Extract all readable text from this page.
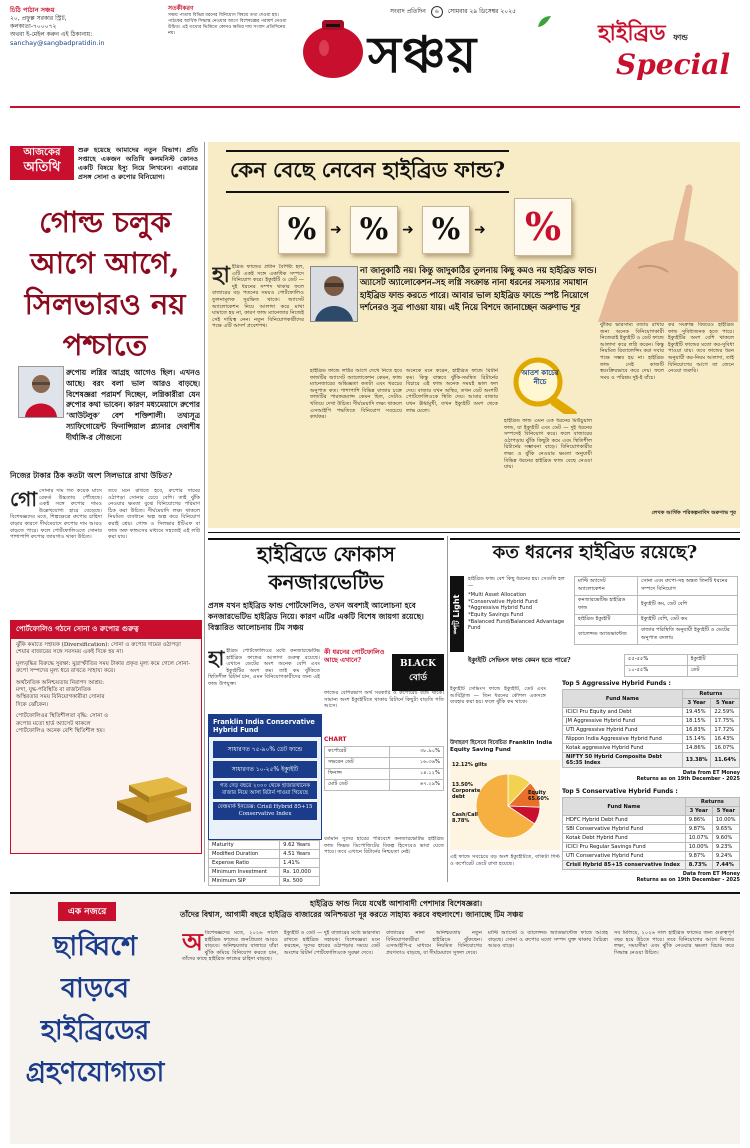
চিঠি পাঠান সঞ্চয়
২০, প্রফুল্ল সরকার স্ট্রিট,
কলকাতা-৭০০০৭২
অথবা ই-মেইল করুন এই ঠিকানায়:
sanchay@sangbadpratidin.in
সতর্কীকরণ
সঞ্চয় পাতায় বিভিন্ন ধরনের বিনিয়োগ বিষয়ে তথ্য দেওয়া হয়। পাঠকের আর্থিক সিদ্ধান্ত নেওয়ার আগে বিশেষজ্ঞের পরামর্শ নেওয়া উচিত। এই তথ্যের ভিত্তিতে কোনও ক্ষতির দায় সংবাদ প্রতিদিনের নয়।	সঞ্চয়
সংবাদ প্রতিদিন ৬ সোমবার ২৯ ডিসেম্বর ২০২৫
হাইব্রিড ফান্ড
Special
আজকের
অতিথি
শুরু হয়েছে আমাদের নতুন বিভাগ। প্রতি সপ্তাহে একজন অতিথি কলমনিস্ট কোনও একটি বিষয়ে ইস্যু নিয়ে লিখবেন। এবারের প্রসঙ্গ সোনা ও রুপোর বিনিয়োগ।
গোল্ড চলুক আগে আগে, সিলভারও নয় পশ্চাতে
রুপোয় লগ্নির আগ্রহ আগেও ছিল। এখনও আছে। বরং বলা ভাল আরও বাড়ছে। বিশেষজ্ঞরা পরামর্শ দিচ্ছেন, লগ্নিকারীরা যেন রুপোর কথা ভাবেন। কারণ মধ্যমেয়াদে রুপোর ‘আউটলুক’ বেশ শক্তিশালী। তথ্যসূত্র স্যাফিগোয়েন্ট ফিনান্সিয়াল প্ল্যানার দেবাশীষ দীর্ঘাঙ্গি-র সৌজন্যে
নিজের টাকার ঠিক কতটা অংশ সিলভারে রাখা উচিত?
গো সোনার দাম গত কয়েক মাসে রেকর্ড উচ্চতায় পৌঁছেছে। একই সঙ্গে রুপোর দামও উল্লেখযোগ্য হারে বেড়েছে। বিশেষজ্ঞদের মতে, শিল্পক্ষেত্রে রুপোর চাহিদা বাড়ার কারণে দীর্ঘমেয়াদে রুপোর দাম আরও বাড়তে পারে। ফলে পোর্টফোলিওতে সোনার পাশাপাশি রুপোর জায়গাও থাকা উচিত।
তবে মনে রাখতে হবে, রুপোর দামের ওঠাপড়া সোনার চেয়ে বেশি। তাই ঝুঁকি নেওয়ার ক্ষমতা বুঝে বিনিয়োগের পরিমাণ ঠিক করা উচিত। দীর্ঘমেয়াদি লক্ষ্য থাকলে নিয়মিত ব্যবধানে অল্প অল্প করে বিনিয়োগ করাই শ্রেয়। গোল্ড ও সিলভার ইটিএফ বা ফান্ড অফ ফান্ডসের মাধ্যমে সহজেই এই লগ্নি করা যায়।
পোর্টফোলিও গঠনে সোনা ও রুপোর গুরুত্ব
ঝুঁকি কমাতে সহায়ক (Diversification): সোনা ও রুপোর দামের ওঠাপড়া শেয়ার বাজারের সঙ্গে সবসময় একই দিকে হয় না।
মূল্যবৃদ্ধির বিরুদ্ধে সুরক্ষা: মুদ্রাস্ফীতির সময় টাকার প্রকৃত মূল্য কমে গেলে সোনা-রুপো সম্পদের মূল্য ধরে রাখতে সাহায্য করে।
অর্থনৈতিক অনিশ্চয়তায় নিরাপদ আশ্রয়: মন্দা, যুদ্ধ-পরিস্থিতি বা রাজনৈতিক অস্থিরতার সময় বিনিয়োগকারীরা সোনার দিকে ঝোঁকেন।
পোর্টফোলিওর স্থিতিশীলতা বৃদ্ধি: সোনা ও রুপোর মতো হার্ড অ্যাসেট থাকলে পোর্টফোলিও অনেক বেশি স্থিতিশীল হয়।
কেন বেছে নেবেন হাইব্রিড ফান্ড?
% ➜ % ➜ % ➜ %
হা ইব্রিড ফান্ডের প্রধান বৈশিষ্ট্য হল, এটি একই সঙ্গে একাধিক সম্পদে বিনিয়োগ করে। ইক্যুইটি ও ডেট — দুই ধরনের সম্পদ থাকার ফলে বাজারের বড় পতনের সময়ও পোর্টফোলিও তুলনামূলক সুরক্ষিত থাকে। অ্যাসেট অ্যালোকেশন নিয়ে আলাদা করে মাথা ঘামাতে হয় না, কারণ ফান্ড ম্যানেজার নিজেই সেই দায়িত্ব নেন। নতুন বিনিয়োগকারীদের পক্ষে এটি আদর্শ প্রবেশপথ।
না জানুকাঠি নয়। কিন্তু জাদুকাঠির তুলনায় কিছু কমও নয় হাইব্রিড ফান্ড। অ্যাসেট অ্যালোকেশন-সহ লগ্নি সংক্রান্ত নানা ধরনের সমস্যার সমাধান হাইব্রিড ফান্ড করতে পারে। আবার ভাল হাইব্রিড ফান্ডে স্পষ্ট নিয়োগে দর্শনেরও সুত্র পাওয়া যায়। এই নিয়ে বিশদে জানাচ্ছেন অরুণাভ শূর
হাইব্রিড ফান্ডে লগ্নির আগে দেখে নিতে হবে ফান্ডটির অ্যাসেট অ্যালোকেশন কেমন, ফান্ড ম্যানেজারের অভিজ্ঞতা কতটা এবং খরচের অনুপাত কত। পাশাপাশি বিভিন্ন বাজার চক্রে ফান্ডটির পারফরম্যান্স কেমন ছিল, সেটাও খতিয়ে দেখা উচিত। দীর্ঘমেয়াদি লক্ষ্য থাকলে এসআইপি পদ্ধতিতে বিনিয়োগ সবচেয়ে কার্যকর।
অনেকে মনে করেন, হাইব্রিড ফান্ডে রিটার্ন কম। কিন্তু বাস্তবে ঝুঁকি-সমন্বিত রিটার্নের বিচারে এই ফান্ড অনেক সময়ই ভাল ফল দেয়। বাজার যখন অস্থির, তখন ডেট অংশটি পোর্টফোলিওকে স্থিতি দেয়। আবার বাজার যখন ঊর্ধ্বমুখী, তখন ইক্যুইটি অংশ থেকে লাভ মেলে।
আতশ কাচের নীচে
হাইব্রিড ফান্ড এমন এক ধরনের মিউচুয়াল ফান্ড, যা ইক্যুইটি এবং ডেট — দুই ধরনের সম্পদেই বিনিয়োগ করে। ফলে বাজারের ওঠাপড়ায় ঝুঁকি কিছুটা কমে এবং স্থিতিশীল রিটার্নের সম্ভাবনা বাড়ে। বিনিয়োগকারীর লক্ষ্য ও ঝুঁকি নেওয়ার ক্ষমতা অনুযায়ী বিভিন্ন ধরনের হাইব্রিড ফান্ড বেছে নেওয়া যায়।
ঝুঁকির ভারসাম্য বজায় রাখার জন্য অনেক বিনিয়োগকারী নিজেরাই ইক্যুইটি ও ডেট ফান্ডে আলাদা করে লগ্নি করেন। কিন্তু নিয়মিত রিব্যালেন্সিং করা সবার পক্ষে সম্ভব হয় না। হাইব্রিড ফান্ড সেই কাজটি স্বয়ংক্রিয়ভাবে করে দেয়। ফলে সময় ও পরিশ্রম দুই-ই বাঁচে।
কর সংক্রান্ত বিষয়েও হাইব্রিড ফান্ড সুবিধাজনক হতে পারে। ইক্যুইটির অংশ বেশি থাকলে ইক্যুইটি ফান্ডের মতো কর-সুবিধা পাওয়া যায়। তবে ফান্ডের ধরন অনুযায়ী কর-নিয়ম আলাদা, তাই বিনিয়োগের আগে তা জেনে নেওয়া জরুরি।
লেখক আর্থিক পরিকল্পনাবিদ অরুণাভ শূর
হাইব্রিডে ফোকাস কনজারভেটিভ
প্রসঙ্গ যখন হাইব্রিড ফান্ড পোর্টফোলিও, তখন অবশ্যই আলোচনা হবে কনজারভেটিভ হাইব্রিড নিয়ে। কারণ এটির একটি বিশেষ জায়গা রয়েছে। বিস্তারিত আলোচনায় টিম সঞ্চয়
হা ইব্রিড পোর্টফোলিওর মধ্যে কনজারভেটিভ হাইব্রিড ফান্ডের আলাদা গুরুত্ব রয়েছে। এখানে ডেটের অংশ অনেক বেশি এবং ইক্যুইটির অংশ কম। তাই কম ঝুঁকিতে স্থিতিশীল রিটার্ন চান, এমন বিনিয়োগকারীদের জন্য এই ফান্ড উপযুক্ত।
কী ধরনের পোর্টফোলিও আছে এখানে?	BLACK বোর্ড
ফান্ডের বেশিরভাগ অর্থ সরকারি ও কর্পোরেট বন্ডে থাকে। সামান্য অংশ ইক্যুইটিতে থাকায় রিটার্নে কিছুটা বাড়তি গতি আসে।
Franklin India Conservative Hybrid Fund
সাধারণত ৭৫-৯০% ডেট ফান্ডে
সাধারণত ১০-২৫% ইক্যুইটি
গত দেড় বছরে ২০০০ থেকে হাজারখানেক বাজার নিয়ে আসা রিটার্ন পাওয়া গিয়েছে
বেঞ্চমার্ক ইনডেক্স: Crisil Hybrid 85+15 Conservative Index
CHART
কর্পোরেট	৩৮.৯০%
সভরেন ডেট	১৬.৩৬%
ফিনান্স	১৪.১২%
মোট ডেট	৬৭.২৯%
Maturity	9.62 Years
Modified Duration	4.51 Years
Expense Ratio	1.41%
Minimum Investment	Rs. 10,000
Minimum SIP	Rs. 500
বর্তমান সুদের হারের পরিবেশে কনজারভেটিভ হাইব্রিড ফান্ড ফিক্সড ডিপোজিটের বিকল্প হিসেবেও ভাবা যেতে পারে। তবে এখানে রিটার্নের নিশ্চয়তা নেই।
কত ধরনের হাইব্রিড রয়েছে?
স্পট Light
হাইব্রিড ফান্ড বেশ কিছু ধরনের হয়। সেগুলি হল —
*Multi Asset Allocation
*Conservative Hybrid Fund
*Aggressive Hybrid Fund
*Equity Savings Fund
*Balanced Fund/Balanced Advantage Fund
মাল্টি অ্যাসেট অ্যালোকেশন	সোনা এবং রুপো-সহ অন্তত তিনটি ধরনের সম্পদে বিনিয়োগ
কনজারভেটিভ হাইব্রিড ফান্ড	ইক্যুইটি কম, ডেট বেশি
হাইব্রিড ইক্যুইটি	ইক্যুইটি বেশি, ডেট কম
ব্যালেন্সড অ্যাডভান্টেজ	বাজার পরিস্থিতি অনুযায়ী ইক্যুইটি ও ডেটের অনুপাত বদলায়
ইক্যুইটি সেভিংস ফান্ড কেমন হতে পারে?	৫৫-৫৫%	ইক্যুইটি
১০-৫৫%	ডেট
ইক্যুইটি সেভিংস ফান্ডে ইক্যুইটি, ডেট এবং আর্বিট্রাজ — তিন ধরনের কৌশল একসঙ্গে ব্যবহার করা হয়। ফলে ঝুঁকি কম থাকে।
উদাহরণ হিসেবে বিবেচিত Franklin India Equity Saving Fund
12.12% gilts
13.50% Corporate debt
Cash/Call 8.78%
Equity 65.60%
এই ফান্ডে সবচেয়ে বড় অংশ ইক্যুইটিতে, বাকিটা গিল্ট ও কর্পোরেট ডেটে রাখা হয়েছে।
Top 5 Aggressive Hybrid Funds :
Fund Name	Returns	
	3 Year	5 Year
ICICI Pru Equity and Debt	19.45%	22.59%
JM Aggressive Hybrid Fund	18.15%	17.75%
UTI Aggressive Hybrid Fund	16.83%	17.72%
Nippon India Aggressive Hybrid Fund	15.14%	16.43%
Kotak aggressive Hybrid Fund	14.86%	16.07%
NIFTY 50 Hybrid Composite Debt 65:35 Index	13.38%	11.64%
Data from ET Money
Returns as on 19th December - 2025
Top 5 Conservative Hybrid Funds :
Fund Name	Returns	
	3 Year	5 Year
HDFC Hybrid Debt Fund	9.86%	10.00%
SBI Conservative Hybrid Fund	9.87%	9.65%
Kotak Debt Hybrid Fund	10.07%	9.60%
ICICI Pru Regular Savings Fund	10.00%	9.23%
UTI Conservative Hybrid Fund	9.87%	9.24%
Crisil Hybrid 85+15 conservative Index	8.73%	7.44%
Data from ET Money
Returns as on 19th December - 2025
এক নজরে
ছাব্বিশে বাড়বে হাইব্রিডের গ্রহণযোগ্যতা
হাইব্রিড ফান্ড নিয়ে যথেষ্ট আশাবাদী পেশাদার বিশেষজ্ঞরা।
তাঁদের বিশ্বাস, আগামী বছরে হাইব্রিড বাজারের অনিশ্চয়তা দূর করতে সাহায্য করবে বহুলাংশে। জানাচ্ছে টিম সঞ্চয়
অ বিশেষজ্ঞদের মতে, ২০২৬ সালে হাইব্রিড ফান্ডের জনপ্রিয়তা আরও বাড়বে। অনিশ্চয়তার বাজারে যাঁরা ঝুঁকি কমিয়ে বিনিয়োগ করতে চান, তাঁদের কাছে হাইব্রিড ফান্ডের চাহিদা বাড়ছে।
ইক্যুইটি ও ডেট — দুই বাজারের মধ্যে ভারসাম্য রাখতে হাইব্রিড সহায়ক। বিশেষজ্ঞরা মনে করছেন, সুদের হারের ওঠাপড়ার সময়ে ডেট অংশের রিটার্ন পোর্টফোলিওকে সুরক্ষা দেবে।
বাজারের নানা অনিশ্চয়তায় নতুন বিনিয়োগকারীরা হাইব্রিডে ঝুঁকছেন। এসআইপি-র মাধ্যমে নিয়মিত বিনিয়োগের প্রবণতাও বাড়ছে, যা দীর্ঘমেয়াদে সুফল দেবে।
মাল্টি অ্যাসেট ও ব্যালেন্সড অ্যাডভান্টেজ ফান্ডে আগ্রহ বাড়ছে। সোনা ও রুপোর মতো সম্পদ যুক্ত থাকায় বৈচিত্র্য আরও বাড়ে।
সব মিলিয়ে, ২০২৬ সাল হাইব্রিড ফান্ডের জন্য গুরুত্বপূর্ণ বছর হয়ে উঠতে পারে। তবে বিনিয়োগের আগে নিজের লক্ষ্য, সময়সীমা এবং ঝুঁকি নেওয়ার ক্ষমতা বিচার করে সিদ্ধান্ত নেওয়া উচিত।
